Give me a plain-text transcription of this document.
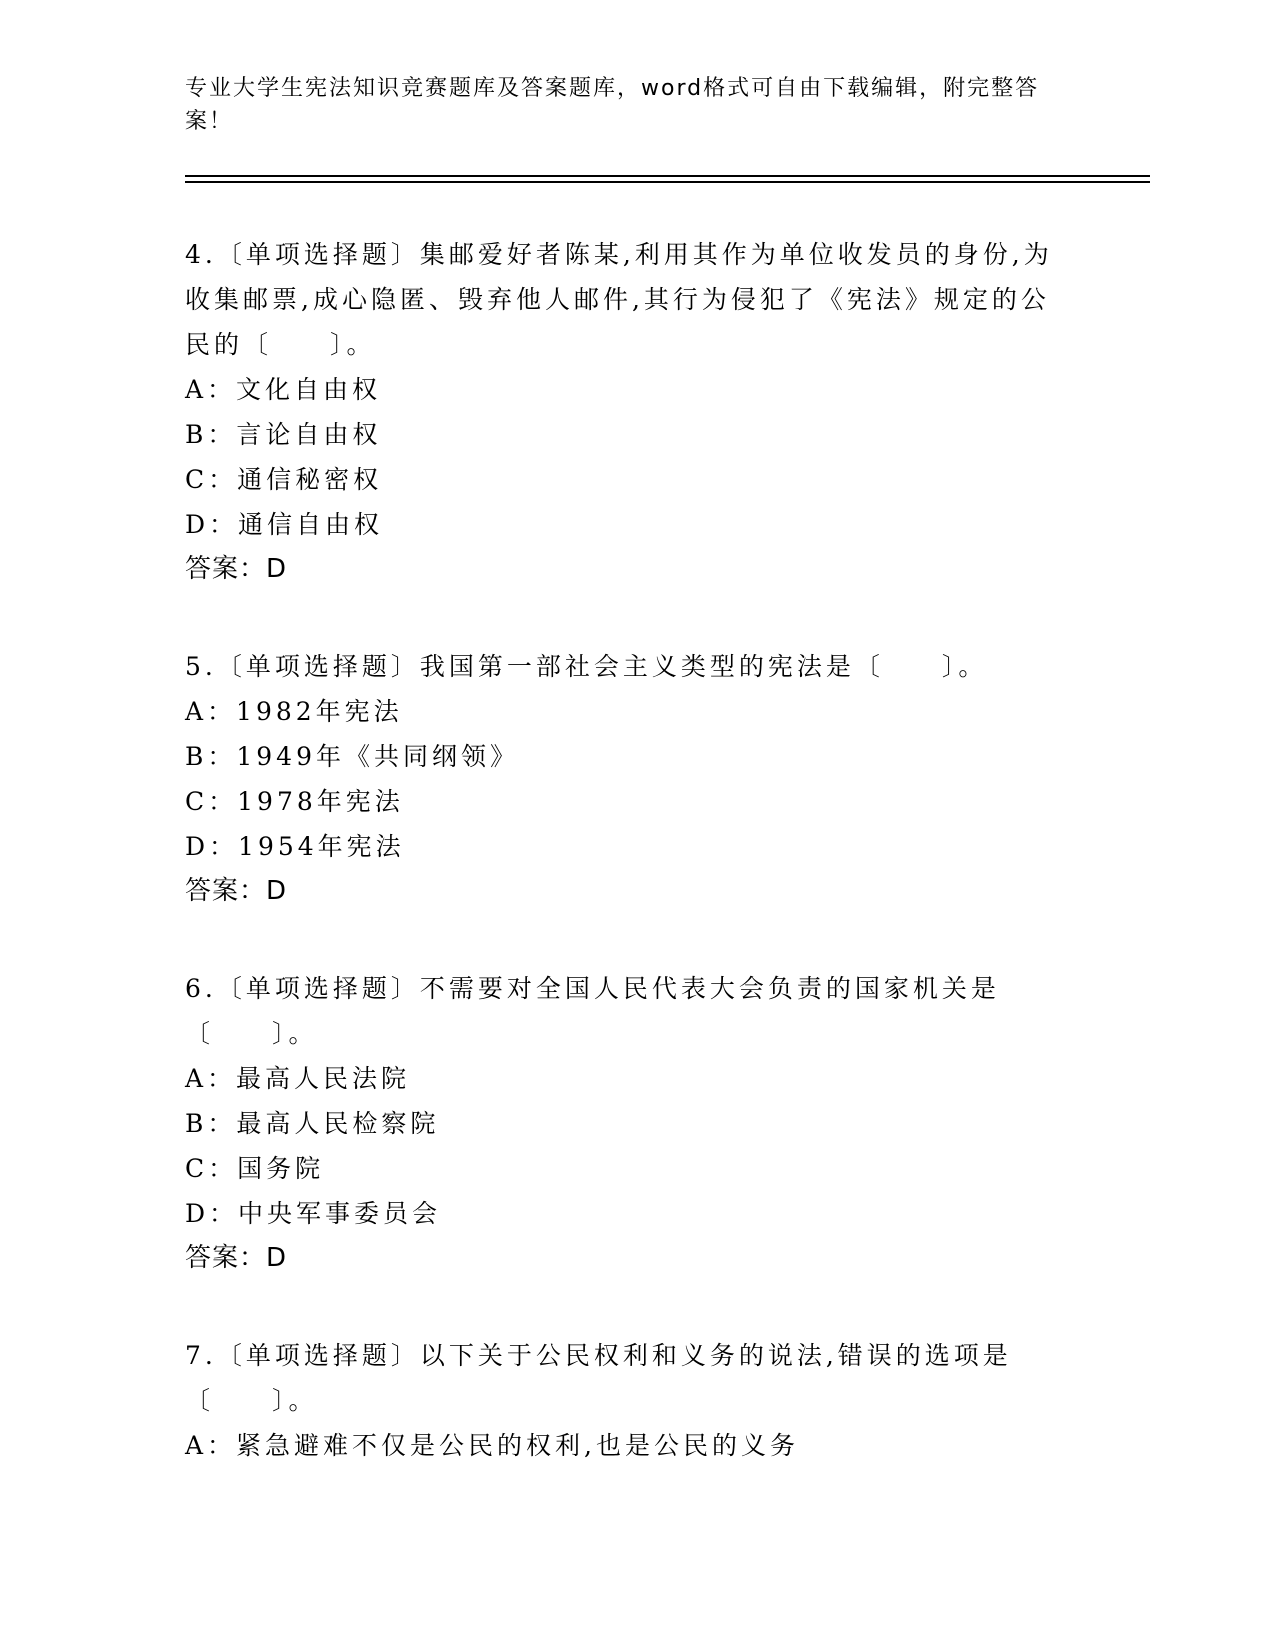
专业大学生宪法知识竞赛题库及答案题库，word格式可自由下载编辑，附完整答案！

4.〔单项选择题〕集邮爱好者陈某,利用其作为单位收发员的身份,为收集邮票,成心隐匿、毁弃他人邮件,其行为侵犯了《宪法》规定的公民的〔　　〕。

A：文化自由权

B：言论自由权

C：通信秘密权

D：通信自由权

答案：D

5.〔单项选择题〕我国第一部社会主义类型的宪法是〔　　〕。

A：1982年宪法

B：1949年《共同纲领》

C：1978年宪法

D：1954年宪法

答案：D

6.〔单项选择题〕不需要对全国人民代表大会负责的国家机关是〔　　〕。

A：最高人民法院

B：最高人民检察院

C：国务院

D：中央军事委员会

答案：D

7.〔单项选择题〕以下关于公民权利和义务的说法,错误的选项是〔　　〕。

A：紧急避难不仅是公民的权利,也是公民的义务
